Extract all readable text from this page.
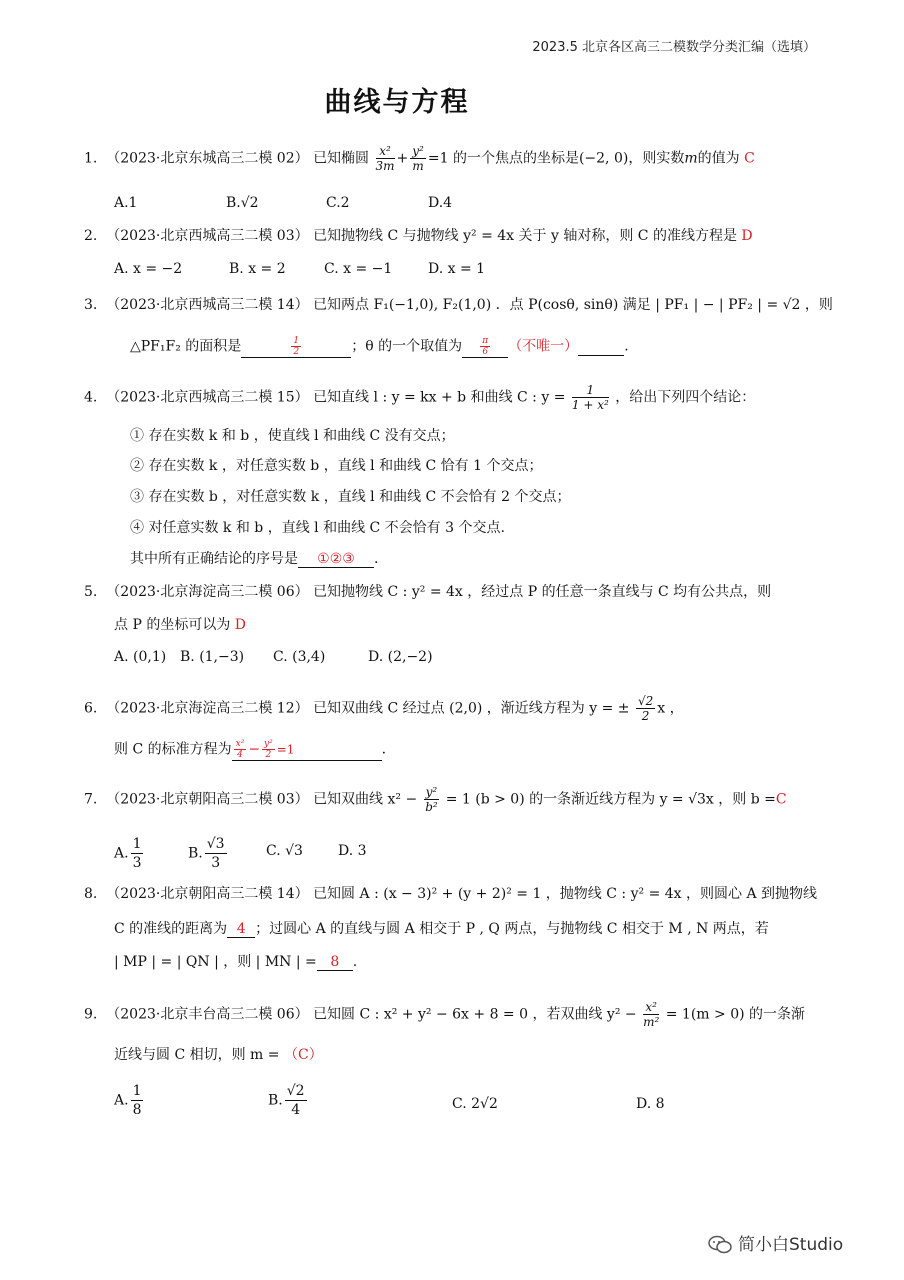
2023.5 北京各区高三二模数学分类汇编（选填）
曲线与方程
1. （2023·北京东城高三二模 02） 已知椭圆 $\frac{\text{x²}}{3m} + \frac{\text{y²}}{m} =1$ 的一个焦点的坐标是(−2, 0)，则实数m的值为 C
A.1	B.√2	C.2	D.4
2. （2023·北京西城高三二模 03） 已知抛物线 C 与抛物线 y² = 4x 关于 y 轴对称，则 C 的准线方程是 D
A. x = −2	B. x = 2	C. x = −1	D. x = 1
3. （2023·北京西城高三二模 14） 已知两点 F₁(−1,0), F₂(1,0) ．点 P(cosθ, sinθ) 满足 | PF₁ | − | PF₂ | = √2 ，则
△PF₁F₂ 的面积是	$\frac{1}{2}$	；θ 的一个取值为 $\frac{\pi}{6}$ （不唯一）	.
4. （2023·北京西城高三二模 15） 已知直线 l : y = kx + b 和曲线 C : $y = \frac{1}{\text{1 + x²}}$ ，给出下列四个结论：
① 存在实数 k 和 b ，使直线 l 和曲线 C 没有交点；
② 存在实数 k ，对任意实数 b ，直线 l 和曲线 C 恰有 1 个交点；
③ 存在实数 b ，对任意实数 k ，直线 l 和曲线 C 不会恰有 2 个交点；
④ 对任意实数 k 和 b ，直线 l 和曲线 C 不会恰有 3 个交点.
其中所有正确结论的序号是 ①②③ .
5. （2023·北京海淀高三二模 06） 已知抛物线 C : y² = 4x ，经过点 P 的任意一条直线与 C 均有公共点，则
点 P 的坐标可以为 D
A. (0,1) B. (1,−3) C. (3,4)	D. (2,−2)
6. （2023·北京海淀高三二模 12） 已知双曲线 C 经过点 (2,0) ，渐近线方程为 y = ± $\frac{√2}{2}$ x ，
则 C 的标准方程为 $\frac{\text{x²}}{4} - \frac{\text{y²}}{2} =1$	.
7. （2023·北京朝阳高三二模 03） 已知双曲线 $x^2 - \frac{\text{y²}}{\text{b²}} = 1$ (b > 0) 的一条渐近线方程为 y = √3x ，则 b =C
A. $\frac{1}{3}$	B. $\frac{√3}{3}$	C. √3	D. 3
8. （2023·北京朝阳高三二模 14） 已知圆 A : (x − 3)² + (y + 2)² = 1 ，抛物线 C : y² = 4x ，则圆心 A 到抛物线
C 的准线的距离为 4 ；过圆心 A 的直线与圆 A 相交于 P , Q 两点，与抛物线 C 相交于 M , N 两点，若
| MP | = | QN | ，则 | MN | = 8 .
9. （2023·北京丰台高三二模 06） 已知圆 C : x² + y² − 6x + 8 = 0 ，若双曲线 $y^2 - \frac{\text{x²}}{\text{m²}} = 1(m > 0)$ 的一条渐
近线与圆 C 相切，则 m = （C）
A. $\frac{1}{8}$	B. $\frac{√2}{4}$	C. 2√2	D. 8
简小白Studio
